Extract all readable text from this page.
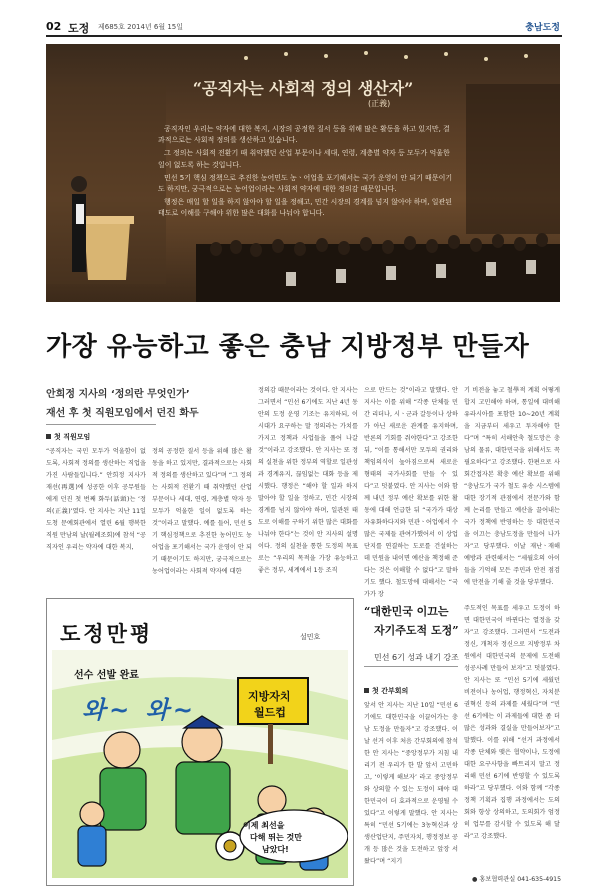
02 도정 제685호 2014년 6월 15일	충남도정
“공직자는 사회적 정의 생산자”
(正義)

공직자인 우리는 약자에 대한 복지, 시장의 공정한 질서 등을 위해 많은 활동을 하고 있지만, 결과적으로는 사회적 정의를 생산하고 있습니다.

그 정의는 사회적 전환기 때 취약했던 산업 부문이나 세대, 연령, 계층별 약자 등 모두가 억울한 일이 없도록 하는 것입니다.

민선 5기 핵심 정책으로 추진한 농어민도 농ㆍ어업을 포기해서는 국가 운영이 안 되기 때문이기도 하지만, 궁극적으로는 농어업이라는 사회적 약자에 대한 정의감 때문입니다.

행정은 매일 할 일을 하지 않아야 할 일을 정해고, 민간 시장의 경계를 넘지 않아야 하며, 일관된 태도로 이해를 구해야 위한 많은 대화를 나눠야 합니다.

가장 유능하고 좋은 충남 지방정부 만들자
안희정 지사의 ‘정의란 무엇인가’
재선 후 첫 직원모임에서 던진 화두
첫 직원모임

“공직자는 국민 모두가 억울함이 없도록, 사회적 정의를 생산하는 직업을 가진 사람들입니다.” 안희정 지사가 재선(再選)에 성공한 이후 공무원들에게 던진 첫 번째 화두(話頭)는 ‘정의(正義)’였다. 안 지사는 지난 11일 도청 문예회관에서 열린 6월 행복한 직원 만남의 날(월례조회)에 참석 “공직자인 우리는 약자에 대한 복지,

정의 공정한 질서 등을 위해 많은 활동을 하고 있지만, 결과적으로는 사회적 정의를 생산하고 있다”며 “그 정의는 사회적 전환기 때 취약했던 산업 부문이나 세대, 연령, 계층별 약자 등 모두가 억울한 일이 없도록 하는 것”이라고 말했다. 예를 들어, 민선 5기 핵심정책으로 추진한 농어민도 농어업을 포기해서는 국가 운영이 안 되기 때문이기도 하지만, 궁극적으로는 농어업이라는 사회적 약자에 대한

정의감 때문이라는 것이다. 안 지사는 그러면서 “민선 6기에도 지난 4년 동안의 도정 운영 기조는 유지하되, 이 시대가 요구하는 말 정의라는 가치를 가지고 정책과 사업들을 풀어 나갈 것”이라고 강조했다. 안 지사는 또 정의 실천을 위한 정부의 역할로 일관성과 경계유지, 끊임없는 대화 등을 제시했다. 행정은 “해야 할 일과 하지 말아야 할 일을 정하고, 민간 시장의 경계를 넘지 않아야 하며, 일관된 태도로 이해를 구하기 위한 많은 대화를 나눠야 한다”는 것이 안 지사의 설명이다. 정의 실천을 통한 도정의 목표로는 “우리의 목적을 가장 유능하고 좋은 정부, 세계에서 1등 조직

으로 만드는 것”이라고 말했다. 안 지사는 이를 위해 “각종 단체들 민간 리더나, 시ㆍ군과 갈등이나 상하가 아닌 새로운 관계를 유지하며, 반론의 기회를 줘야한다”고 강조한 뒤, “이를 통해서만 모두의 권리와 책임의식이 높아짐으로써 새로운 형태의 국가사회를 만들 수 있다”고 덧붙였다. 안 지사는 이와 함께 내년 정부 예산 확보를 위한 활동에 대해 언급한 뒤 “국가가 대상자유화하다지와 민관ㆍ어업에서 수많은 국제들 관여가했어서 이 상업단지를 연결하는 도로를 건설하는데 민원을 내이면 예산을 책정해 준다는 것은 이해할 수 없다”고 말하기도 했다. 철도망에 대해서는 “국가가 장

기 비전을 놓고 철學적 계획 어떻게 합지 고민해야 하며, 통일에 대비해 유라시아를 포함한 10~20년 계획을 지금부터 세우고 투자해야 한다”며 “특히 서해안축 철도망은 충남의 물류, 대한민국을 위해서도 꼭 필요하다”고 강조했다. 한편으로 사회간접자본 확충 예산 확보를 위해 “충남도가 국가 철도 유송 시스템에 대한 장기적 관점에서 전문가와 함께 논리를 만들고 예산을 끌어내는 국가 정책에 반영하는 등 대한민국을 이끄는 충남도정을 만들어 나가자”고 당부했다. 이날 재난ㆍ재해 예방과 관련해서는 “세월호의 아이들을 기억해 모든 주민과 안전 점검에 만전을 기해 줄 것을 당부했다.

도정만평	설민호
선수 선발 완료
와~ 와~	지방자치
월드컵
이제 최선을
다해 뛰는 것만
남았다!
“대한민국 이끄는
자기주도적 도정”
민선 6기 성과 내기 강조
첫 간부회의

앞서 안 지사는 지난 10일 “민선 6기에도 대한민국을 이끌어가는 충남 도정을 만들자”고 강조했다. 이날 선거 이후 처음 간부회의에 참석한 안 지사는 “중앙정부가 지침 내리기 전 우리가 한 발 앞서 고민하고, ‘이렇게 해보자’ 라고 중앙정부와 상의할 수 있는 도정이 돼야 대한민국이 더 효과적으로 운영될 수 있다”고 이렇게 말했다. 안 지사는 특히 “민선 5기에는 3농혁신과 상생산업단지, 주민자치, 행정정보 공개 등 많은 것을 도전하고 앞장 서 왔다”며 “지기

주도적인 목표를 세우고 도정이 하면 대한민국이 바뀐다는 열정을 갖자”고 강조했다. 그러면서 “도전과 정신, 개척자 정신으로 지방정부 차원에서 대한민국의 문제에 도전해 성공사례 만들어 보자”고 덧붙였다. 안 지사는 또 “민선 5기에 세웠던 비전이나 농어업, 행정혁신, 자치분권혁신 등의 과제를 세웠다”며 “민선 6기에는 이 과제들에 대한 좀 더 많은 성과와 결실을 만들어보자”고 말했다. 이를 위해 “선거 과정에서 각종 단체와 맺은 협약이나, 도정에 대한 요구사항을 빠트리지 말고 정리해 민선 6기에 반영할 수 있도록 하라”고 당부했다. 이와 함께 “각종 정책 기획과 집행 과정에서는 도의회와 항상 상의하고, 도의회가 엄정히 업무를 감시할 수 있도록 해 달라”고 강조했다.

● 홍보협력관실 041-635-4915
